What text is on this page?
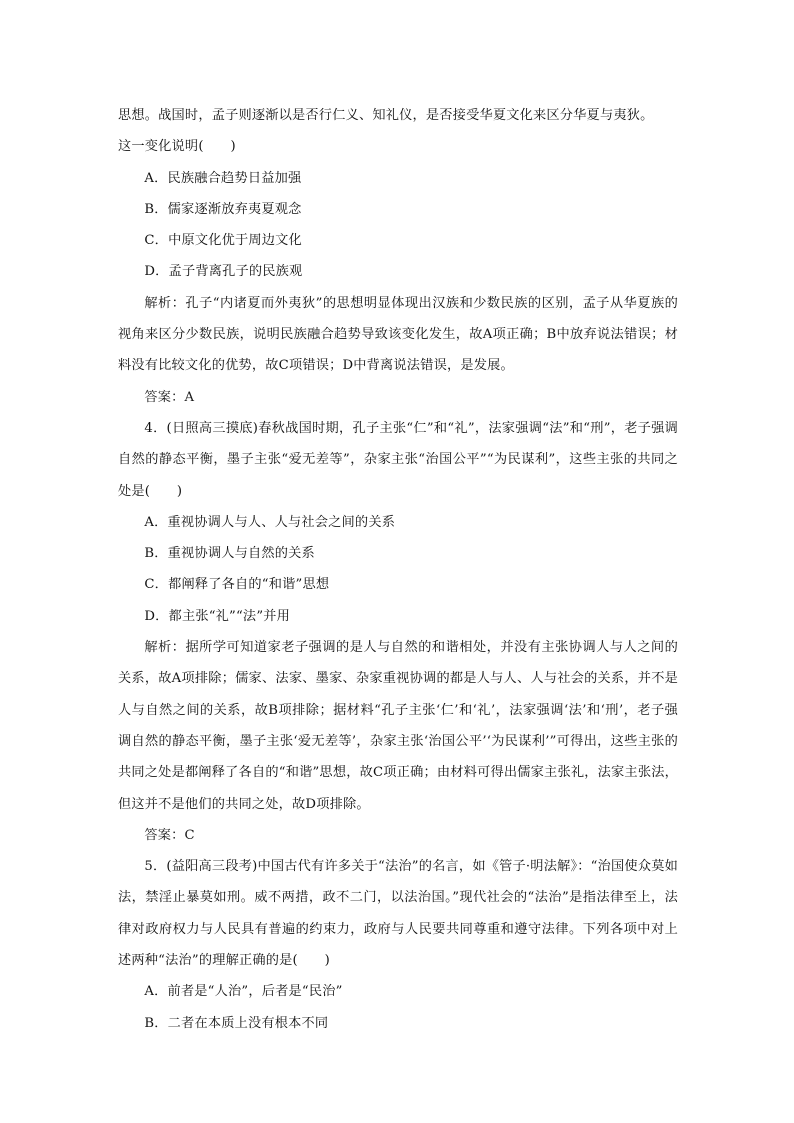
思想。战国时，孟子则逐渐以是否行仁义、知礼仪，是否接受华夏文化来区分华夏与夷狄。

这一变化说明(　　)

A．民族融合趋势日益加强

B．儒家逐渐放弃夷夏观念

C．中原文化优于周边文化

D．孟子背离孔子的民族观

解析：孔子“内诸夏而外夷狄”的思想明显体现出汉族和少数民族的区别，孟子从华夏族的视角来区分少数民族，说明民族融合趋势导致该变化发生，故A项正确；B中放弃说法错误；材料没有比较文化的优势，故C项错误；D中背离说法错误，是发展。

答案：A

4．(日照高三摸底)春秋战国时期，孔子主张“仁”和“礼”，法家强调“法”和“刑”，老子强调自然的静态平衡，墨子主张“爱无差等”，杂家主张“治国公平”“为民谋利”，这些主张的共同之处是(　　)

A．重视协调人与人、人与社会之间的关系

B．重视协调人与自然的关系

C．都阐释了各自的“和谐”思想

D．都主张“礼”“法”并用

解析：据所学可知道家老子强调的是人与自然的和谐相处，并没有主张协调人与人之间的关系，故A项排除；儒家、法家、墨家、杂家重视协调的都是人与人、人与社会的关系，并不是人与自然之间的关系，故B项排除；据材料“孔子主张‘仁’和‘礼’，法家强调‘法’和‘刑’，老子强调自然的静态平衡，墨子主张‘爱无差等’，杂家主张‘治国公平’‘为民谋利’”可得出，这些主张的共同之处是都阐释了各自的“和谐”思想，故C项正确；由材料可得出儒家主张礼，法家主张法，但这并不是他们的共同之处，故D项排除。

答案：C

5．(益阳高三段考)中国古代有许多关于“法治”的名言，如《管子·明法解》：“治国使众莫如法，禁淫止暴莫如刑。威不两措，政不二门，以法治国。”现代社会的“法治”是指法律至上，法律对政府权力与人民具有普遍的约束力，政府与人民要共同尊重和遵守法律。下列各项中对上述两种“法治”的理解正确的是(　　)

A．前者是“人治”，后者是“民治”

B．二者在本质上没有根本不同
